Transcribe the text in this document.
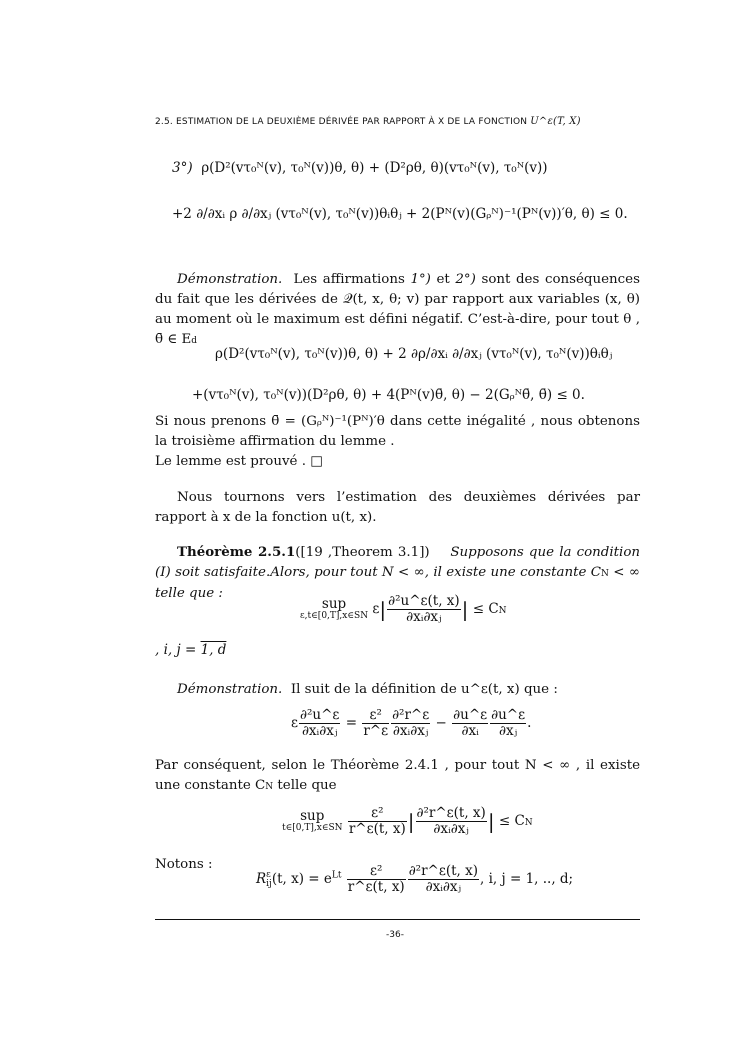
2.5. ESTIMATION DE LA DEUXIÈME DÉRIVÉE PAR RAPPORT À X DE LA FONCTION U^ε(T, X)
3°) ρ(D²(vτ₀ᴺ(v), τ₀ᴺ(v))θ, θ) + (D²ρθ, θ)(vτ₀ᴺ(v), τ₀ᴺ(v))
+2 ∂/∂xᵢ ρ ∂/∂xⱼ (vτ₀ᴺ(v), τ₀ᴺ(v))θᵢθⱼ + 2(Pᴺ(v)(Gᵨᴺ)⁻¹(Pᴺ(v))′θ, θ) ≤ 0.
Démonstration. Les affirmations 1°) et 2°) sont des conséquences du fait que les dérivées de 𝒬(t, x, θ; v) par rapport aux variables (x, θ) au moment où le maximum est défini négatif. C’est-à-dire, pour tout θ , θ̄ ∈ Ed
ρ(D²(vτ₀ᴺ(v), τ₀ᴺ(v))θ, θ) + 2 ∂ρ/∂xᵢ ∂/∂xⱼ (vτ₀ᴺ(v), τ₀ᴺ(v))θᵢθⱼ
+(vτ₀ᴺ(v), τ₀ᴺ(v))(D²ρθ, θ) + 4(Pᴺ(v)θ̄, θ) − 2(Gᵨᴺθ̄, θ̄) ≤ 0.
Si nous prenons θ̄ = (Gᵨᴺ)⁻¹(Pᴺ)′θ dans cette inégalité , nous obtenons la troisième affirmation du lemme .
Le lemme est prouvé . □
Nous tournons vers l’estimation des deuxièmes dérivées par rapport à x de la fonction u(t, x).
Théorème 2.5.1([19 ,Theorem 3.1]) Supposons que la condition (I) soit satisfaite.Alors, pour tout N < ∞, il existe une constante CN < ∞ telle que :
sup
ε,t∈[0,T],x∈SN $\varepsilon| \frac{\text{∂²u\textasciicircum{}ε(t, x)}}{\text{∂xᵢ∂xⱼ}}$ | ≤ CN
, i, j = 1, d
Démonstration. Il suit de la définition de u^ε(t, x) que :
ε $\frac{\text{∂²u\textasciicircum{}ε}}{\text{∂xᵢ∂xⱼ}} = \frac{\text{ε²}}{r\^{}\varepsilon} \frac{\text{∂²r\textasciicircum{}ε}}{\text{∂xᵢ∂xⱼ}} - \frac{\partial u\^{}\varepsilon}{\text{∂xᵢ}} \frac{\partial u\^{}\varepsilon}{\text{∂xⱼ}}$ .
Par conséquent, selon le Théorème 2.4.1 , pour tout N < ∞ , il existe une constante CN telle que
sup
t∈[0,T],x∈SN
$\frac{\text{ε²}}{r\^{}\varepsilon(t, x)}$ | $\frac{\text{∂²r\textasciicircum{}ε(t, x)}}{\text{∂xᵢ∂xⱼ}}$ | ≤ CN
Notons :
R ε
ij (t, $x) = e^{Lt} \frac{\text{ε²}}{r\^{}\varepsilon(t, x)} \frac{\text{∂²r\textasciicircum{}ε(t, x)}}{\text{∂xᵢ∂xⱼ}}$ , i, j = 1, .., d;
-36-
